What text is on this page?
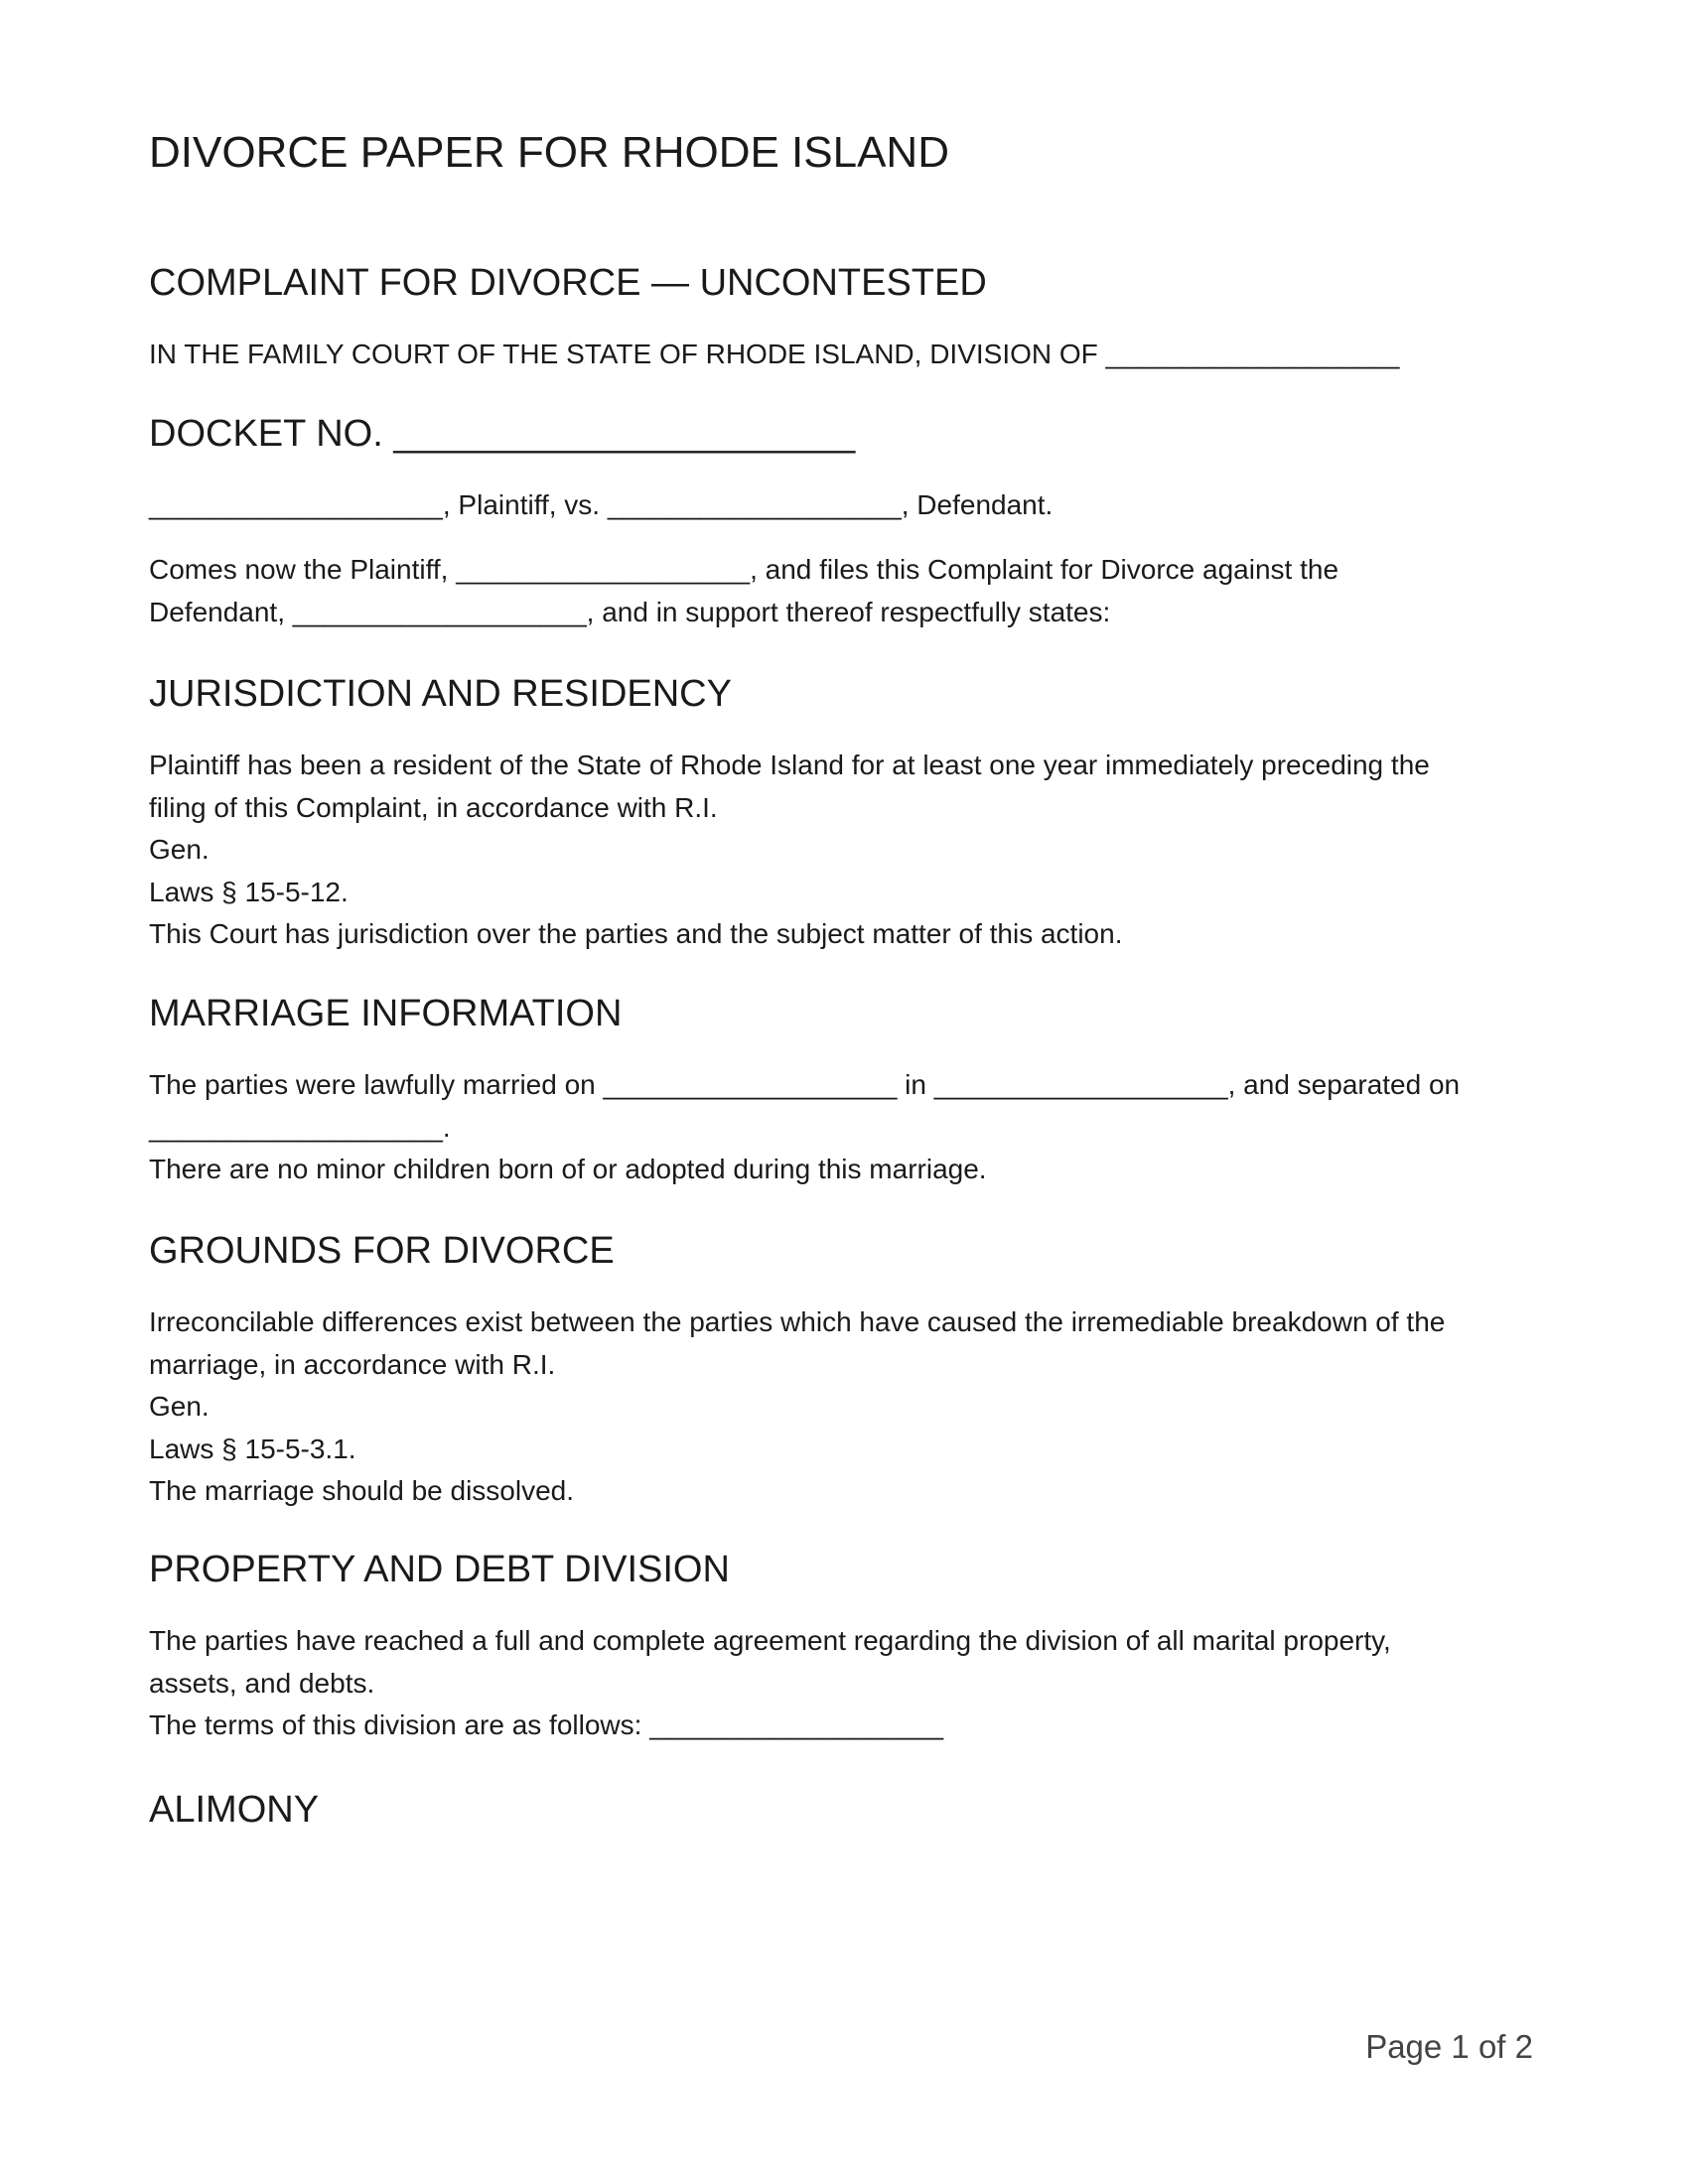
DIVORCE PAPER FOR RHODE ISLAND
COMPLAINT FOR DIVORCE — UNCONTESTED

IN THE FAMILY COURT OF THE STATE OF RHODE ISLAND, DIVISION OF ___________________

DOCKET NO. ______________________

___________________, Plaintiff, vs. ___________________, Defendant.

Comes now the Plaintiff, ___________________, and files this Complaint for Divorce against the
Defendant, ___________________, and in support thereof respectfully states:

JURISDICTION AND RESIDENCY

Plaintiff has been a resident of the State of Rhode Island for at least one year immediately preceding the
filing of this Complaint, in accordance with R.I.
Gen.
Laws § 15-5-12.
This Court has jurisdiction over the parties and the subject matter of this action.

MARRIAGE INFORMATION

The parties were lawfully married on ___________________ in ___________________, and separated on
___________________.
There are no minor children born of or adopted during this marriage.

GROUNDS FOR DIVORCE

Irreconcilable differences exist between the parties which have caused the irremediable breakdown of the
marriage, in accordance with R.I.
Gen.
Laws § 15-5-3.1.
The marriage should be dissolved.

PROPERTY AND DEBT DIVISION

The parties have reached a full and complete agreement regarding the division of all marital property,
assets, and debts.
The terms of this division are as follows: ___________________

ALIMONY
Page 1 of 2
